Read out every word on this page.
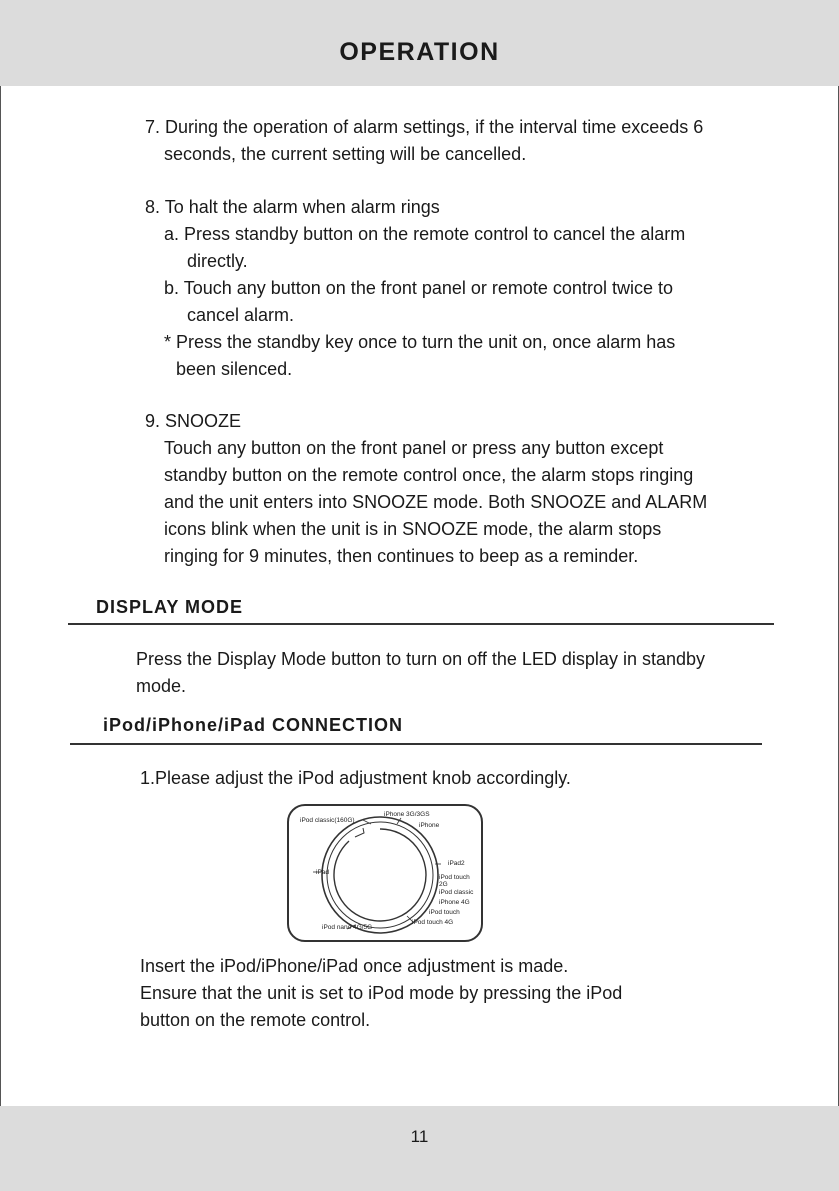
OPERATION

7. During the operation of alarm settings, if the interval time exceeds 6

seconds, the current setting will be cancelled.

8. To halt the alarm when alarm rings

a. Press standby button on the remote control to cancel the alarm

directly.

b. Touch any button on the front panel or remote control twice to

cancel alarm.

* Press the standby key once to turn the unit on, once alarm has

been silenced.

9. SNOOZE

Touch any button on the front panel or press any button except

standby button on the remote control once, the alarm stops ringing

and the unit enters into SNOOZE mode. Both SNOOZE and ALARM

icons blink when the unit is in SNOOZE mode, the alarm stops

ringing for 9 minutes, then continues to beep as a reminder.

DISPLAY MODE

Press the Display Mode button to turn on off the LED display in standby

mode.

iPod/iPhone/iPad CONNECTION

1.Please adjust the iPod adjustment knob accordingly.

iPod classic(160G)
iPhone 3G/3GS
iPhone
iPad2
iPad
iPod touch
2G
iPod classic
iPhone 4G
iPod touch
iPod touch 4G
iPod nano 4G/5G

Insert the iPod/iPhone/iPad once adjustment is made.

Ensure that the unit is set to iPod mode by pressing the iPod

button on the remote control.

11
